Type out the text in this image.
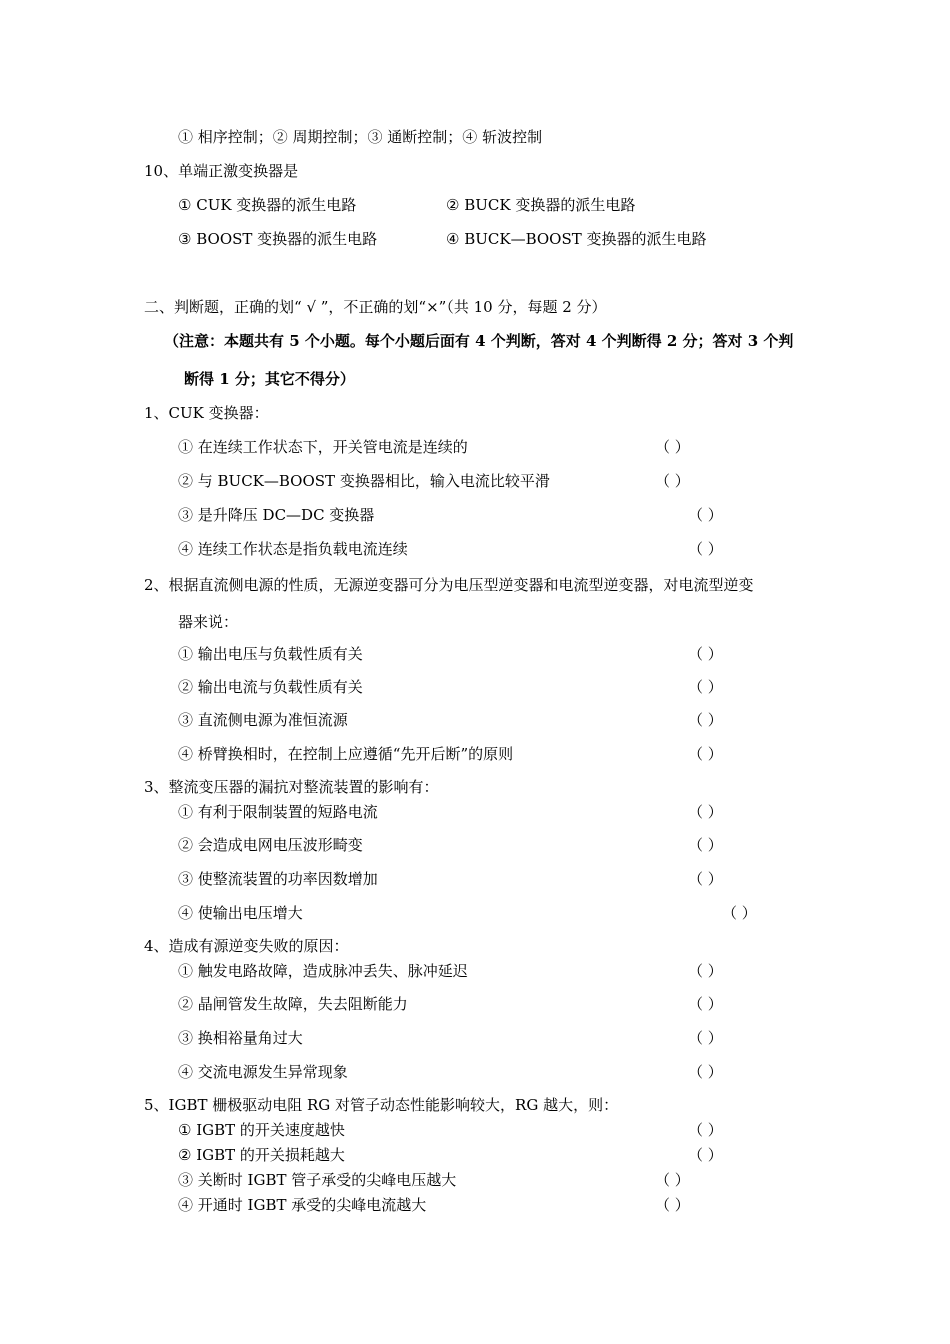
① 相序控制；② 周期控制；③ 通断控制；④ 斩波控制
10、单端正激变换器是
① CUK 变换器的派生电路	② BUCK 变换器的派生电路
③ BOOST 变换器的派生电路	④ BUCK—BOOST 变换器的派生电路
二、判断题，正确的划“ √ ”，不正确的划“×”（共 10 分，每题 2 分）
（注意：本题共有 5 个小题。每个小题后面有 4 个判断，答对 4 个判断得 2 分；答对 3 个判
断得 1 分；其它不得分）
1、CUK 变换器：
① 在连续工作状态下，开关管电流是连续的	（ ）
② 与 BUCK—BOOST 变换器相比，输入电流比较平滑	（ ）
③ 是升降压 DC—DC 变换器	（ ）
④ 连续工作状态是指负载电流连续	（ ）
2、根据直流侧电源的性质，无源逆变器可分为电压型逆变器和电流型逆变器，对电流型逆变
器来说：
① 输出电压与负载性质有关	（ ）
② 输出电流与负载性质有关	（ ）
③ 直流侧电源为准恒流源	（ ）
④ 桥臂换相时，在控制上应遵循“先开后断”的原则	（ ）
3、整流变压器的漏抗对整流装置的影响有：
① 有利于限制装置的短路电流	（ ）
② 会造成电网电压波形畸变	（ ）
③ 使整流装置的功率因数增加	（ ）
④ 使输出电压增大	（ ）
4、造成有源逆变失败的原因：
① 触发电路故障，造成脉冲丢失、脉冲延迟	（ ）
② 晶闸管发生故障，失去阻断能力	（ ）
③ 换相裕量角过大	（ ）
④ 交流电源发生异常现象	（ ）
5、IGBT 栅极驱动电阻 RG 对管子动态性能影响较大，RG 越大，则：
① IGBT 的开关速度越快	（ ）
② IGBT 的开关损耗越大	（ ）
③ 关断时 IGBT 管子承受的尖峰电压越大	（ ）
④ 开通时 IGBT 承受的尖峰电流越大	（ ）
